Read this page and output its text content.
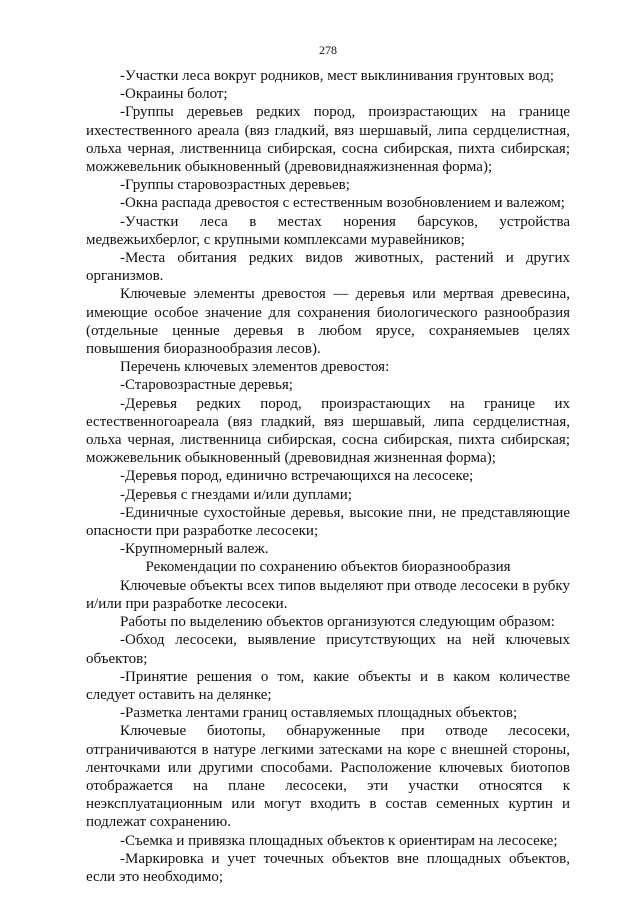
278

-Участки леса вокруг родников, мест выклинивания грунтовых вод;

-Окраины болот;

-Группы деревьев редких пород, произрастающих на границе ихестественного ареала (вяз гладкий, вяз шершавый, липа сердцелистная, ольха черная, лиственница сибирская, сосна сибирская, пихта сибирская; можжевельник обыкновенный (древовиднаяжизненная форма);

-Группы старовозрастных деревьев;

-Окна распада древостоя с естественным возобновлением и валежом;

-Участки леса в местах норения барсуков, устройства медвежьихберлог, с крупными комплексами муравейников;

-Места обитания редких видов животных, растений и других организмов.

Ключевые элементы древостоя — деревья или мертвая древесина, имеющие особое значение для сохранения биологического разнообразия (отдельные ценные деревья в любом ярусе, сохраняемыев целях повышения биоразнообразия лесов).

Перечень ключевых элементов древостоя:

-Старовозрастные деревья;

-Деревья редких пород, произрастающих на границе их естественногоареала (вяз гладкий, вяз шершавый, липа сердцелистная, ольха черная, лиственница сибирская, сосна сибирская, пихта сибирская; можжевельник обыкновенный (древовидная жизненная форма);

-Деревья пород, единично встречающихся на лесосеке;

-Деревья с гнездами и/или дуплами;

-Единичные сухостойные деревья, высокие пни, не представляющие опасности при разработке лесосеки;

-Крупномерный валеж.

Рекомендации по сохранению объектов биоразнообразия

Ключевые объекты всех типов выделяют при отводе лесосеки в рубку и/или при разработке лесосеки.

Работы по выделению объектов организуются следующим образом:

-Обход лесосеки, выявление присутствующих на ней ключевых объектов;

-Принятие решения о том, какие объекты и в каком количестве следует оставить на делянке;

-Разметка лентами границ оставляемых площадных объектов;

Ключевые биотопы, обнаруженные при отводе лесосеки, отграничиваются в натуре легкими затесками на коре с внешней стороны, ленточками или другими способами. Расположение ключевых биотопов отображается на плане лесосеки, эти участки относятся к неэксплуатационным или могут входить в состав семенных куртин и подлежат сохранению.

-Съемка и привязка площадных объектов к ориентирам на лесосеке;

-Маркировка и учет точечных объектов вне площадных объектов, если это необходимо;
